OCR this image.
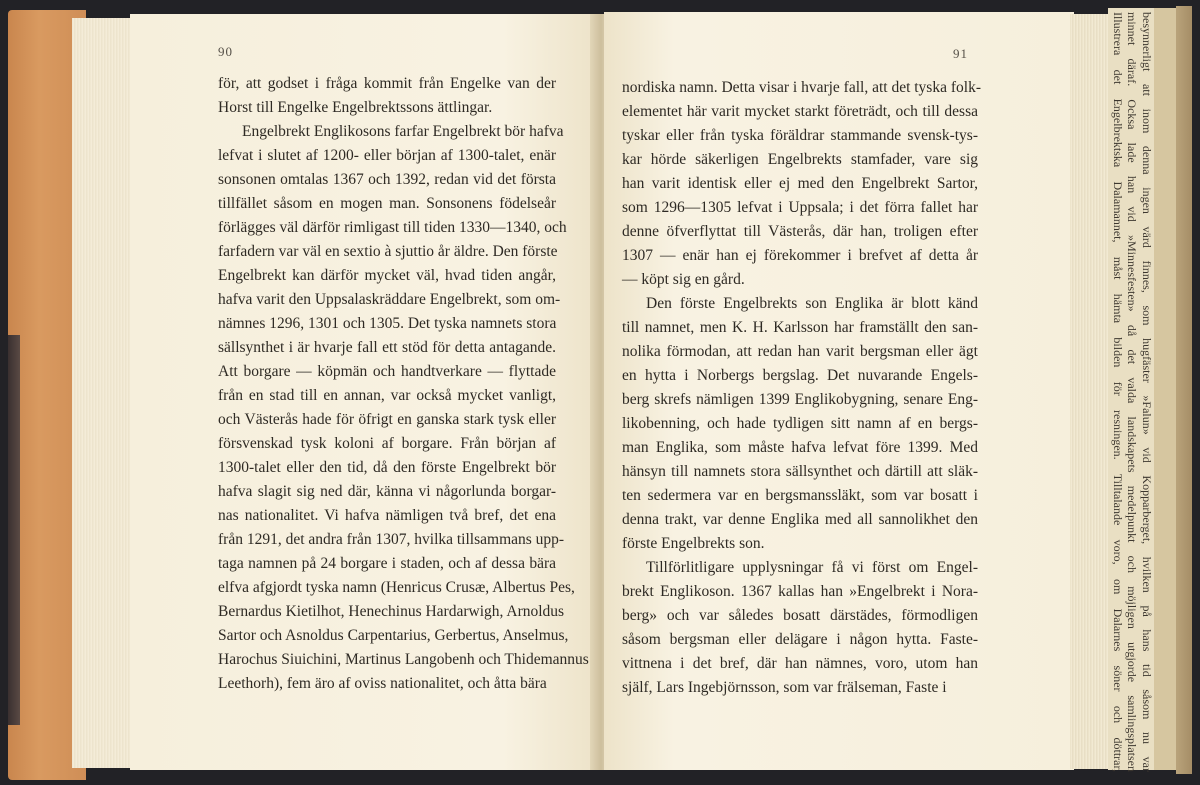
90	91
för, att godset i fråga kommit från Engelke van der
Horst till Engelke Engelbrektssons ättlingar.
Engelbrekt Englikosons farfar Engelbrekt bör hafva
lefvat i slutet af 1200- eller början af 1300-talet, enär
sonsonen omtalas 1367 och 1392, redan vid det första
tillfället såsom en mogen man. Sonsonens födelseår
förlägges väl därför rimligast till tiden 1330—1340, och
farfadern var väl en sextio à sjuttio år äldre. Den förste
Engelbrekt kan därför mycket väl, hvad tiden angår,
hafva varit den Uppsalaskräddare Engelbrekt, som om-
nämnes 1296, 1301 och 1305. Det tyska namnets stora
sällsynthet i är hvarje fall ett stöd för detta antagande.
Att borgare — köpmän och handtverkare — flyttade
från en stad till en annan, var också mycket vanligt,
och Västerås hade för öfrigt en ganska stark tysk eller
försvenskad tysk koloni af borgare. Från början af
1300-talet eller den tid, då den förste Engelbrekt bör
hafva slagit sig ned där, känna vi någorlunda borgar-
nas nationalitet. Vi hafva nämligen två bref, det ena
från 1291, det andra från 1307, hvilka tillsammans upp-
taga namnen på 24 borgare i staden, och af dessa bära
elfva afgjordt tyska namn (Henricus Crusæ, Albertus Pes,
Bernardus Kietilhot, Henechinus Hardarwigh, Arnoldus
Sartor och Asnoldus Carpentarius, Gerbertus, Anselmus,
Harochus Siuichini, Martinus Langobenh och Thidemannus
Leethorh), fem äro af oviss nationalitet, och åtta bära
nordiska namn. Detta visar i hvarje fall, att det tyska folk-
elementet här varit mycket starkt företrädt, och till dessa
tyskar eller från tyska föräldrar stammande svensk-tys-
kar hörde säkerligen Engelbrekts stamfader, vare sig
han varit identisk eller ej med den Engelbrekt Sartor,
som 1296—1305 lefvat i Uppsala; i det förra fallet har
denne öfverflyttat till Västerås, där han, troligen efter
1307 — enär han ej förekommer i brefvet af detta år
— köpt sig en gård.
Den förste Engelbrekts son Englika är blott känd
till namnet, men K. H. Karlsson har framställt den san-
nolika förmodan, att redan han varit bergsman eller ägt
en hytta i Norbergs bergslag. Det nuvarande Engels-
berg skrefs nämligen 1399 Englikobygning, senare Eng-
likobenning, och hade tydligen sitt namn af en bergs-
man Englika, som måste hafva lefvat före 1399. Med
hänsyn till namnets stora sällsynthet och därtill att släk-
ten sedermera var en bergsmanssläkt, som var bosatt i
denna trakt, var denne Englika med all sannolikhet den
förste Engelbrekts son.
Tillförlitligare upplysningar få vi först om Engel-
brekt Englikoson. 1367 kallas han »Engelbrekt i Nora-
berg» och var således bosatt därstädes, förmodligen
såsom bergsman eller delägare i någon hytta. Faste-
vittnena i det bref, där han nämnes, voro, utom han
själf, Lars Ingebjörnsson, som var frälseman, Faste i	besynnerligt att inom denna ingen värd finnes, som hugfäster »Falun» vid Kopparberget, hvilken på hans tid såsom nu var
minnet däraf. Ocksa lade han vid »Minnesfesten» då det valda landskapets medelpunkt och möjligen utgjorde samlingsplatsen
Illustrera det Engelbrektska Dalamannet, måst hämta bilden för resningen. Tilltalande voro, om Dalarnes söner och döttrar,
